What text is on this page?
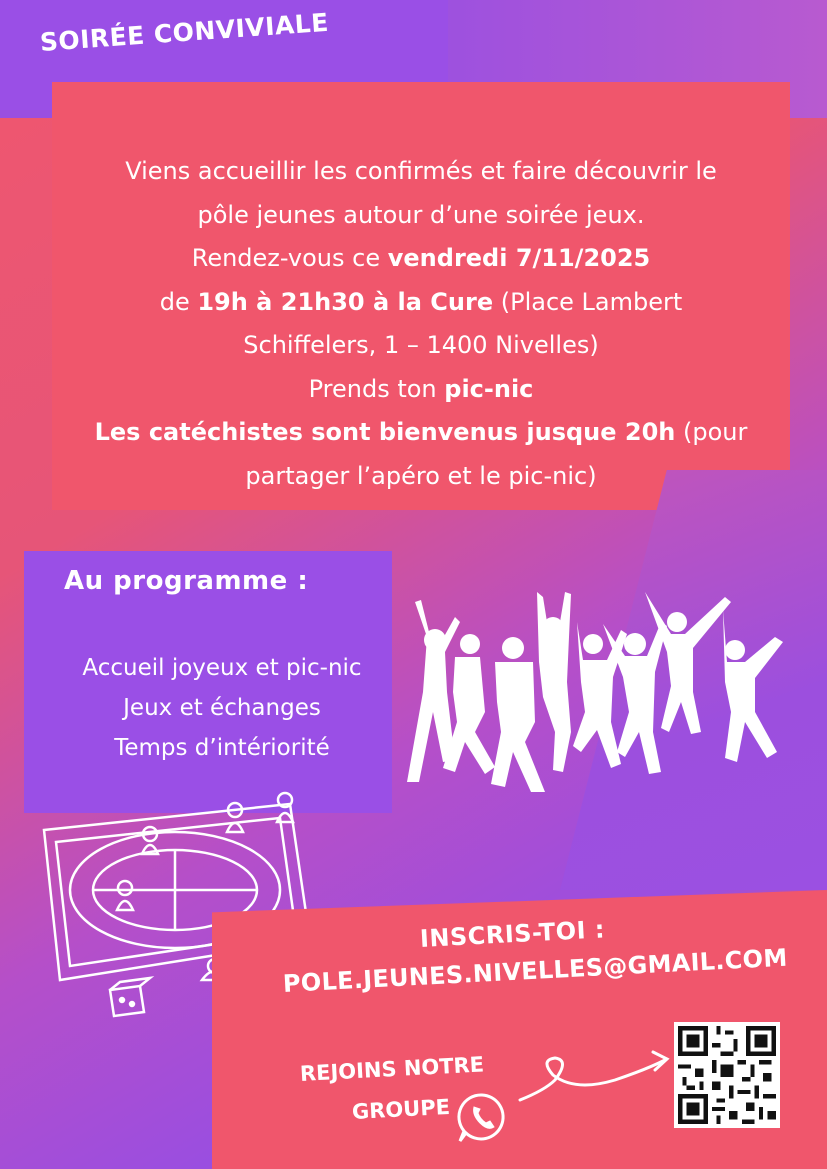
SOIRÉE CONVIVIALE
Viens accueillir les confirmés et faire découvrir le
pôle jeunes autour d’une soirée jeux.
Rendez-vous ce vendredi 7/11/2025
de 19h à 21h30 à la Cure (Place Lambert
Schiffelers, 1 – 1400 Nivelles)
Prends ton pic-nic
Les catéchistes sont bienvenus jusque 20h (pour
partager l’apéro et le pic-nic)
Au programme :
Accueil joyeux et pic-nic
Jeux et échanges
Temps d’intériorité
INSCRIS-TOI :
POLE.JEUNES.NIVELLES@GMAIL.COM
REJOINS NOTRE
GROUPE
